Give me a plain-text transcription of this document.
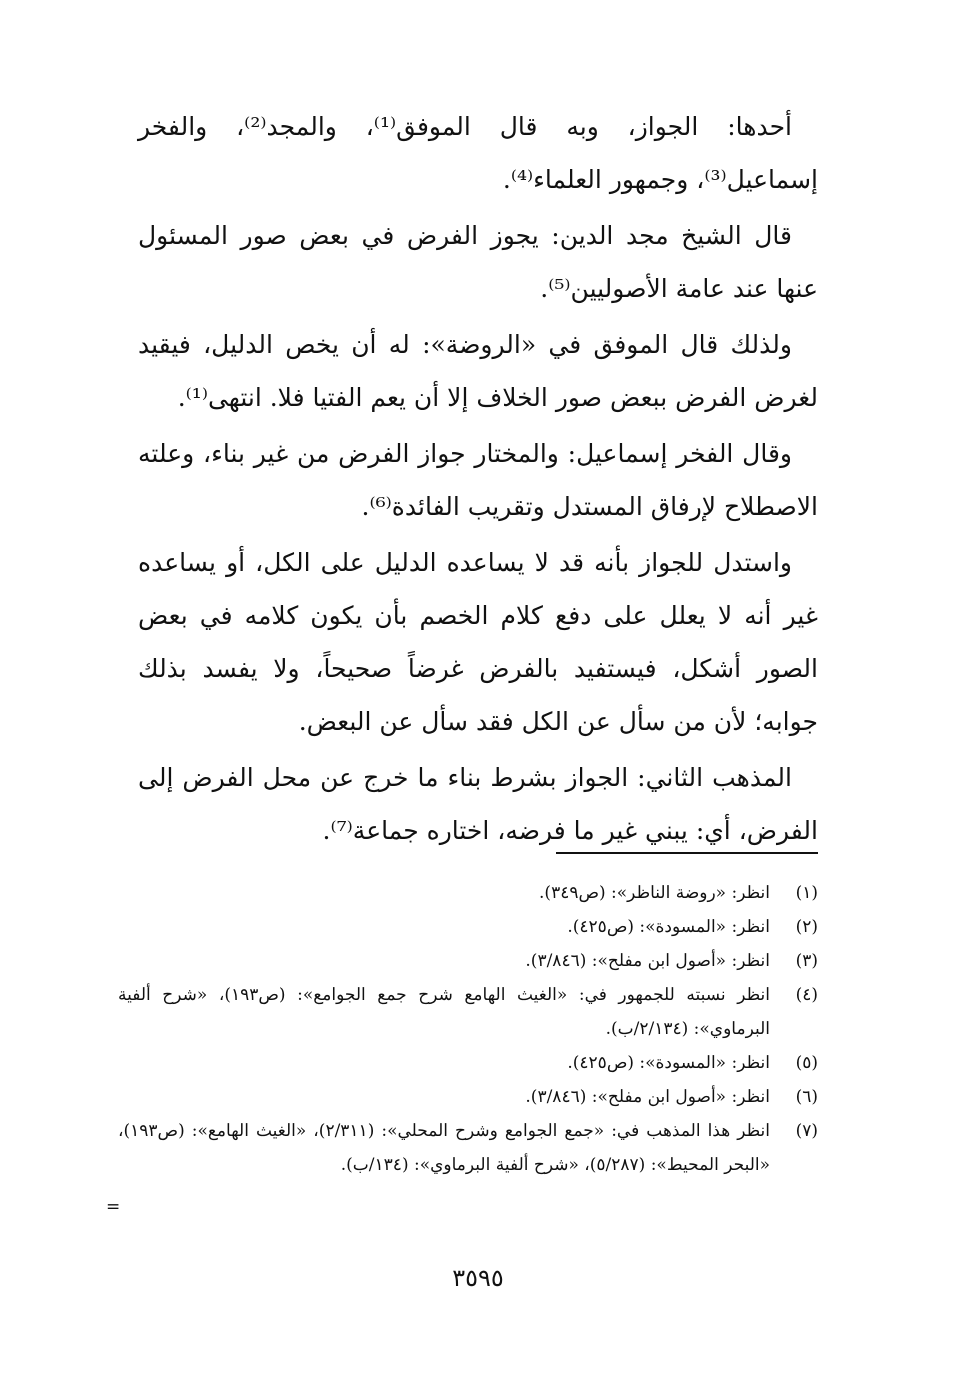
أحدها: الجواز، وبه قال الموفق⁽¹⁾، والمجد⁽²⁾، والفخر إسماعيل⁽³⁾، وجمهور العلماء⁽⁴⁾.

قال الشيخ مجد الدين: يجوز الفرض في بعض صور المسئول عنها عند عامة الأصوليين⁽⁵⁾.

ولذلك قال الموفق في «الروضة»: له أن يخص الدليل، فيقيد لغرض الفرض ببعض صور الخلاف إلا أن يعم الفتيا فلا. انتهى⁽¹⁾.

وقال الفخر إسماعيل: والمختار جواز الفرض من غير بناء، وعلته الاصطلاح لإرفاق المستدل وتقريب الفائدة⁽⁶⁾.

واستدل للجواز بأنه قد لا يساعده الدليل على الكل، أو يساعده غير أنه لا يعلل على دفع كلام الخصم بأن يكون كلامه في بعض الصور أشكل، فيستفيد بالفرض غرضاً صحيحاً، ولا يفسد بذلك جوابه؛ لأن من سأل عن الكل فقد سأل عن البعض.

المذهب الثاني: الجواز بشرط بناء ما خرج عن محل الفرض إلى الفرض، أي: يبني غير ما فرضه، اختاره جماعة⁽⁷⁾.

(١)
انظر: «روضة الناظر»: (ص٣٤٩).
(٢)
انظر: «المسودة»: (ص٤٢٥).
(٣)
انظر: «أصول ابن مفلح»: (٣/٨٤٦).
(٤)
انظر نسبته للجمهور في: «الغيث الهامع شرح جمع الجوامع»: (ص١٩٣)، «شرح ألفية البرماوي»: (٢/١٣٤/ب).
(٥)
انظر: «المسودة»: (ص٤٢٥).
(٦)
انظر: «أصول ابن مفلح»: (٣/٨٤٦).
(٧)
انظر هذا المذهب في: «جمع الجوامع وشرح المحلي»: (٢/٣١١)، «الغيث الهامع»: (ص١٩٣)، «البحر المحيط»: (٥/٢٨٧)، «شرح ألفية البرماوي»: (١٣٤/ب).
=
٣٥٩٥
